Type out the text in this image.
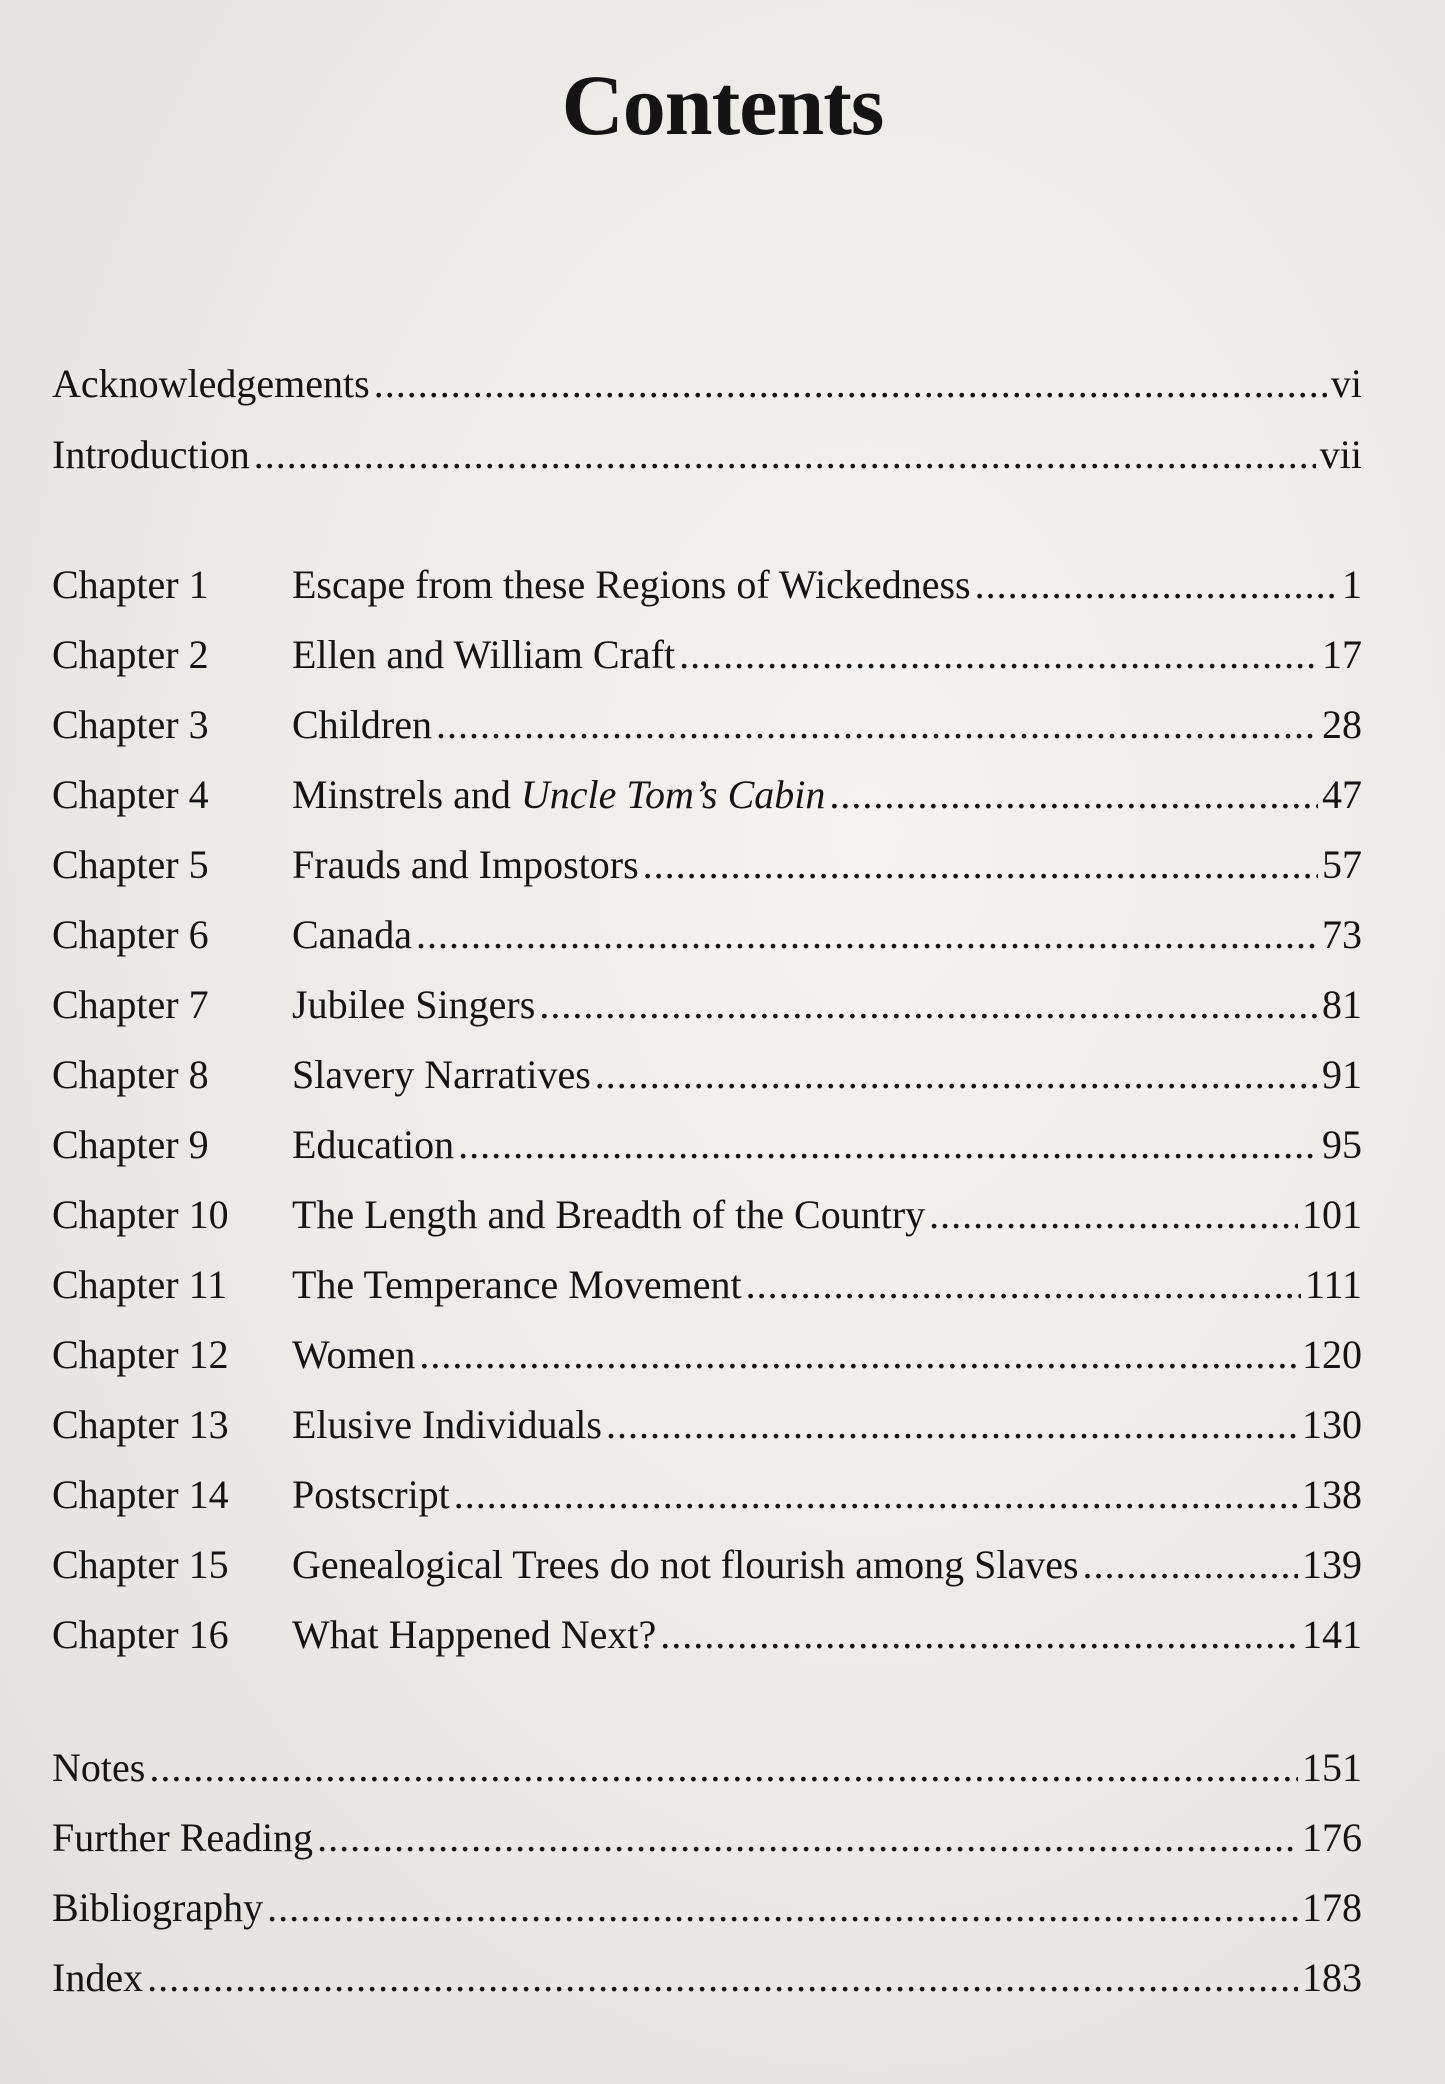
Contents
Acknowledgements .....	vi
Introduction .....	vii
Chapter 1	Escape from these Regions of Wickedness .....	1
Chapter 2	Ellen and William Craft .....	17
Chapter 3	Children .....	28
Chapter 4	Minstrels and Uncle Tom’s Cabin .....	47
Chapter 5	Frauds and Impostors .....	57
Chapter 6	Canada .....	73
Chapter 7	Jubilee Singers .....	81
Chapter 8	Slavery Narratives .....	91
Chapter 9	Education .....	95
Chapter 10	The Length and Breadth of the Country .....	101
Chapter 11	The Temperance Movement .....	111
Chapter 12	Women .....	120
Chapter 13	Elusive Individuals .....	130
Chapter 14	Postscript .....	138
Chapter 15	Genealogical Trees do not flourish among Slaves .....	139
Chapter 16	What Happened Next? .....	141
Notes .....	151
Further Reading .....	176
Bibliography .....	178
Index .....	183
